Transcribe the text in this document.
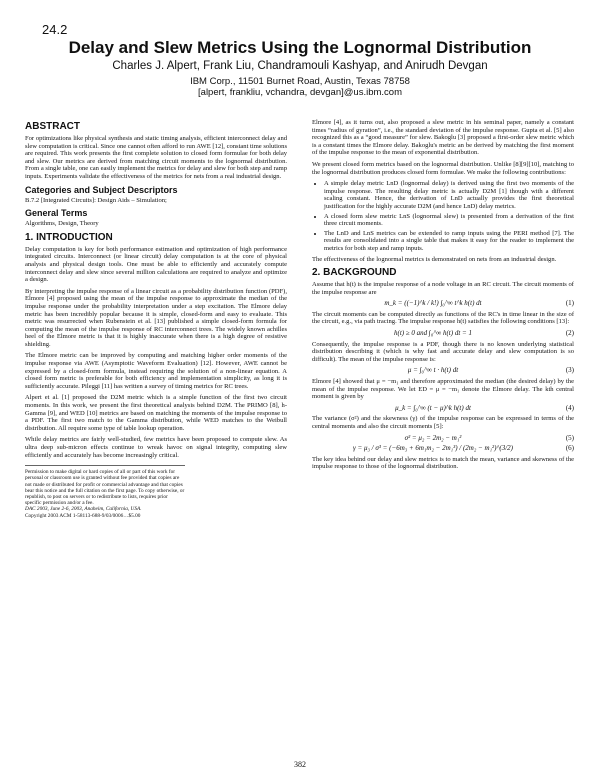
24.2
Delay and Slew Metrics Using the Lognormal Distribution
Charles J. Alpert, Frank Liu, Chandramouli Kashyap, and Anirudh Devgan
IBM Corp., 11501 Burnet Road, Austin, Texas 78758
[alpert, frankliu, vchandra, devgan]@us.ibm.com
ABSTRACT

For optimizations like physical synthesis and static timing analysis, efficient interconnect delay and slew computation is critical. Since one cannot often afford to run AWE [12], constant time solutions are required. This work presents the first complete solution to closed form formulae for both delay and slew. Our metrics are derived from matching circuit moments to the lognormal distribution. From a single table, one can easily implement the metrics for delay and slew for both step and ramp inputs. Experiments validate the effectiveness of the metrics for nets from a real industrial design.

Categories and Subject Descriptors

B.7.2 [Integrated Circuits]: Design Aids – Simulation;

General Terms

Algorithms, Design, Theory

1. INTRODUCTION

Delay computation is key for both performance estimation and optimization of high performance integrated circuits. Interconnect (or linear circuit) delay computation is at the core of physical analysis and physical design tools. One must be able to efficiently and accurately compute interconnect delay and slew since several million calculations are required to analyze and optimize a design.

By interpreting the impulse response of a linear circuit as a probability distribution function (PDF), Elmore [4] proposed using the mean of the impulse response to approximate the median of the impulse response under the probability interpretation under a step excitation. The Elmore delay metric has been incredibly popular because it is simple, closed-form and easy to evaluate. This metric was resurrected when Rubenstein et al. [13] published a simple closed-form formula for computing the mean of the impulse response of RC interconnect trees. The widely known achilles heel of the Elmore metric is that it is highly inaccurate when there is a high degree of resistive shielding.

The Elmore metric can be improved by computing and matching higher order moments of the impulse response via AWE (Asymptotic Waveform Evaluation) [12]. However, AWE cannot be expressed by a closed-form formula, instead requiring the solution of a non-linear equation. A closed form metric is preferable for both efficiency and implementation simplicity, as long it is sufficiently accurate. Pileggi [11] has written a survey of timing metrics for RC trees.

Alpert et al. [1] proposed the D2M metric which is a simple function of the first two circuit moments. In this work, we present the first theoretical analysis behind D2M. The PRIMO [8], h-Gamma [9], and WED [10] metrics are based on matching the moments of the impulse response to a PDF. The first two match to the Gamma distribution, while WED matches to the Weibull distribution. All require some type of table lookup operation.

While delay metrics are fairly well-studied, few metrics have been proposed to compute slew. As ultra deep sub-micron effects continue to wreak havoc on signal integrity, computing slew efficiently and accurately has become increasingly critical.

Permission to make digital or hard copies of all or part of this work for personal or classroom use is granted without fee provided that copies are not made or distributed for profit or commercial advantage and that copies bear this notice and the full citation on the first page. To copy otherwise, or republish, to post on servers or to redistribute to lists, requires prior specific permission and/or a fee.
DAC 2003, June 2-6, 2003, Anaheim, California, USA.
Copyright 2003 ACM 1-58113-688-9/03/0006…$5.00

Elmore [4], as it turns out, also proposed a slew metric in his seminal paper, namely a constant times “radius of gyration”, i.e., the standard deviation of the impulse response. Gupta et al. [5] also recognized this as a “good measure” for slew. Bakoglu [3] proposed a first-order slew metric which is a constant times the Elmore delay. Bakoglu's metric an be derived by matching the first moment of the impulse response to the mean of exponential distribution.

We present closed form metrics based on the lognormal distribution. Unlike [8][9][10], matching to the lognormal distribution produces closed form formulae. We make the following contributions:

• A simple delay metric LnD (lognormal delay) is derived using the first two moments of the impulse response. The resulting delay metric is actually D2M [1] though with a different scaling constant. Hence, the derivation of LnD actually provides the first theoretical justification for the highly accurate D2M (and hence LnD) delay metrics.
• A closed form slew metric LnS (lognormal slew) is presented from a derivation of the first three circuit moments.
• The LnD and LnS metrics can be extended to ramp inputs using the PERI method [7]. The results are consolidated into a single table that makes it easy for the reader to implement the metrics for both step and ramp inputs.

The effectiveness of the lognormal metrics is demonstrated on nets from an industrial design.

2. BACKGROUND

Assume that h(t) is the impulse response of a node voltage in an RC circuit. The circuit moments of the impulse response are

m_k = ((−1)^k / k!) ∫₀^∞ t^k h(t) dt	(1)

The circuit moments can be computed directly as functions of the RC's in time linear in the size of the circuit, e.g., via path tracing. The impulse response h(t) satisfies the following conditions [13]:

h(t) ≥ 0 and ∫₀^∞ h(t) dt = 1	(2)

Consequently, the impulse response is a PDF, though there is no known underlying statistical distribution describing it (which is why fast and accurate delay and slew computation is so difficult). The mean of the impulse response is:

μ = ∫₀^∞ t · h(t) dt	(3)

Elmore [4] showed that μ = −m₁ and therefore approximated the median (the desired delay) by the mean of the impulse response. We let ED = μ = −m₁ denote the Elmore delay. The kth central moment is given by

μ_k = ∫₀^∞ (t − μ)^k h(t) dt	(4)

The variance (σ²) and the skewness (γ) of the impulse response can be expressed in terms of the central moments and also the circuit moments [5]:

σ² = μ₂ = 2m₂ − m₁²	(5)
γ = μ₃ / σ³ = (−6m₃ + 6m₁m₂ − 2m₁³) / (2m₂ − m₁²)^(3/2)	(6)

The key idea behind our delay and slew metrics is to match the mean, variance and skewness of the impulse response to those of the lognormal distribution.

382
